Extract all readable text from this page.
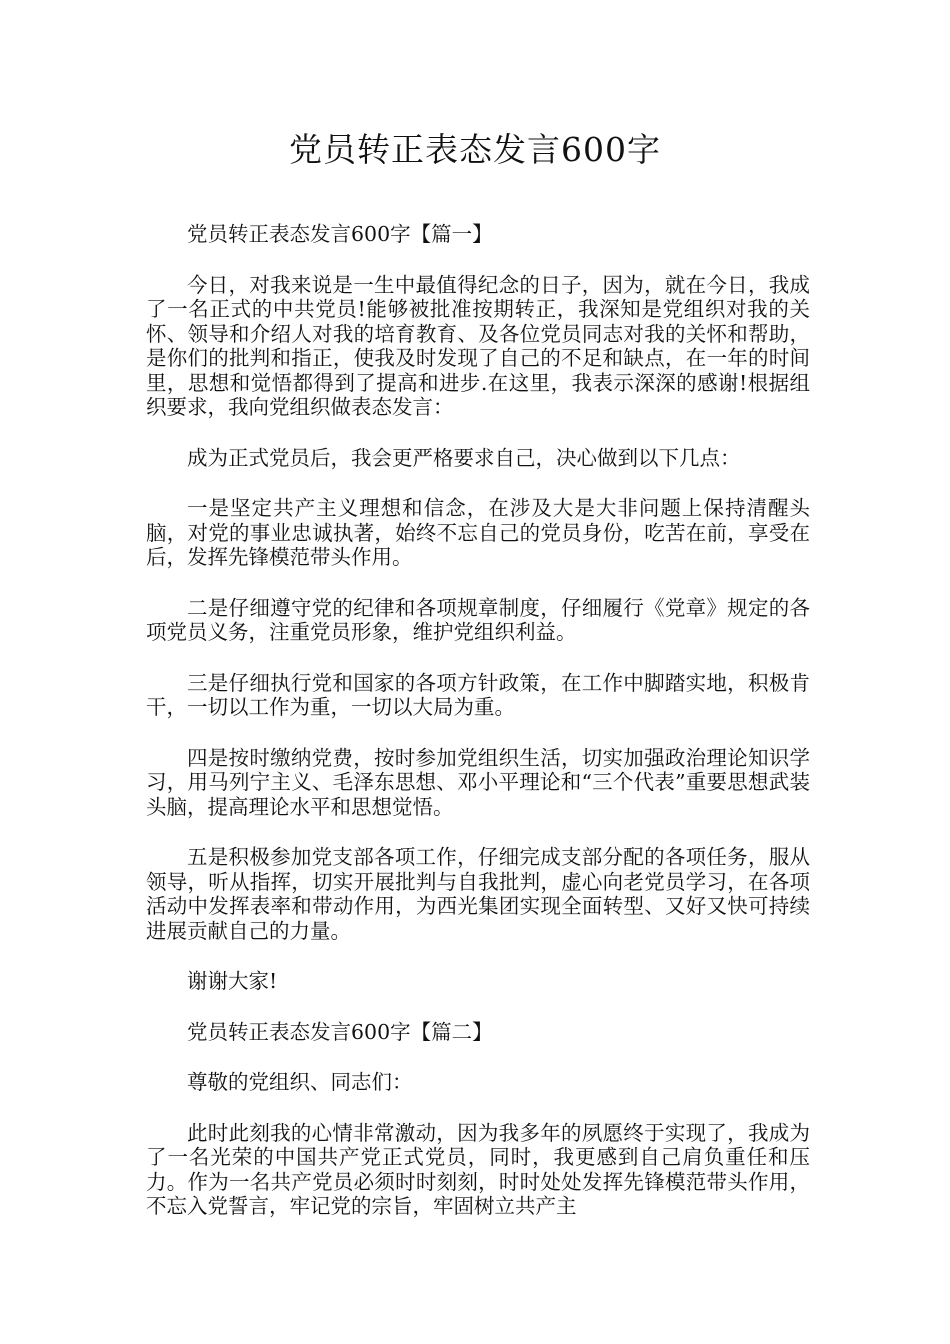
党员转正表态发言600字

党员转正表态发言600字【篇一】

今日，对我来说是一生中最值得纪念的日子，因为，就在今日，我成了一名正式的中共党员!能够被批准按期转正，我深知是党组织对我的关怀、领导和介绍人对我的培育教育、及各位党员同志对我的关怀和帮助，是你们的批判和指正，使我及时发现了自己的不足和缺点，在一年的时间里，思想和觉悟都得到了提高和进步.在这里，我表示深深的感谢!根据组织要求，我向党组织做表态发言：

成为正式党员后，我会更严格要求自己，决心做到以下几点：

一是坚定共产主义理想和信念，在涉及大是大非问题上保持清醒头脑，对党的事业忠诚执著，始终不忘自己的党员身份，吃苦在前，享受在后，发挥先锋模范带头作用。

二是仔细遵守党的纪律和各项规章制度，仔细履行《党章》规定的各项党员义务，注重党员形象，维护党组织利益。

三是仔细执行党和国家的各项方针政策，在工作中脚踏实地，积极肯干，一切以工作为重，一切以大局为重。

四是按时缴纳党费，按时参加党组织生活，切实加强政治理论知识学习，用马列宁主义、毛泽东思想、邓小平理论和“三个代表”重要思想武装头脑，提高理论水平和思想觉悟。

五是积极参加党支部各项工作，仔细完成支部分配的各项任务，服从领导，听从指挥，切实开展批判与自我批判，虚心向老党员学习，在各项活动中发挥表率和带动作用，为西光集团实现全面转型、又好又快可持续进展贡献自己的力量。

谢谢大家!

党员转正表态发言600字【篇二】

尊敬的党组织、同志们：

此时此刻我的心情非常激动，因为我多年的夙愿终于实现了，我成为了一名光荣的中国共产党正式党员，同时，我更感到自己肩负重任和压力。作为一名共产党员必须时时刻刻，时时处处发挥先锋模范带头作用，不忘入党誓言，牢记党的宗旨，牢固树立共产主
